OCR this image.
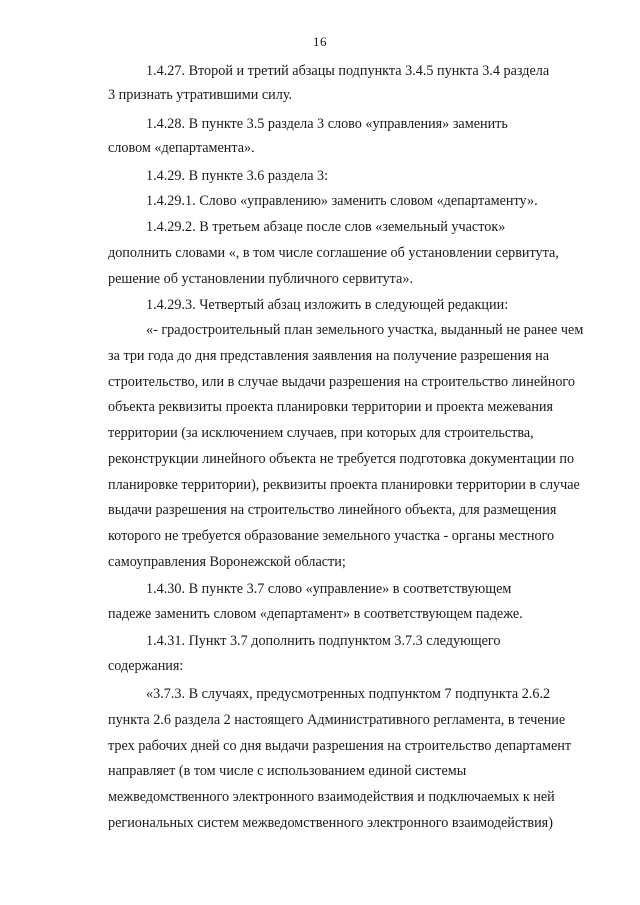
16
1.4.27. Второй и третий абзацы подпункта 3.4.5 пункта 3.4 раздела
3 признать утратившими силу.
1.4.28. В пункте 3.5 раздела 3 слово «управления» заменить
словом «департамента».
1.4.29. В пункте 3.6 раздела 3:
1.4.29.1. Слово «управлению» заменить словом «департаменту».
1.4.29.2. В третьем абзаце после слов «земельный участок»
дополнить словами «, в том числе соглашение об установлении сервитута,
решение об установлении публичного сервитута».
1.4.29.3. Четвертый абзац изложить в следующей редакции:
«- градостроительный план земельного участка, выданный не ранее чем
за три года до дня представления заявления на получение разрешения на
строительство, или в случае выдачи разрешения на строительство линейного
объекта реквизиты проекта планировки территории и проекта межевания
территории (за исключением случаев, при которых для строительства,
реконструкции линейного объекта не требуется подготовка документации по
планировке территории), реквизиты проекта планировки территории в случае
выдачи разрешения на строительство линейного объекта, для размещения
которого не требуется образование земельного участка - органы местного
самоуправления Воронежской области;
1.4.30. В пункте 3.7 слово «управление» в соответствующем
падеже заменить словом «департамент» в соответствующем падеже.
1.4.31. Пункт 3.7 дополнить подпунктом 3.7.3 следующего
содержания:
«3.7.3. В случаях, предусмотренных подпунктом 7 подпункта 2.6.2
пункта 2.6 раздела 2 настоящего Административного регламента, в течение
трех рабочих дней со дня выдачи разрешения на строительство департамент
направляет (в том числе с использованием единой системы
межведомственного электронного взаимодействия и подключаемых к ней
региональных систем межведомственного электронного взаимодействия)
